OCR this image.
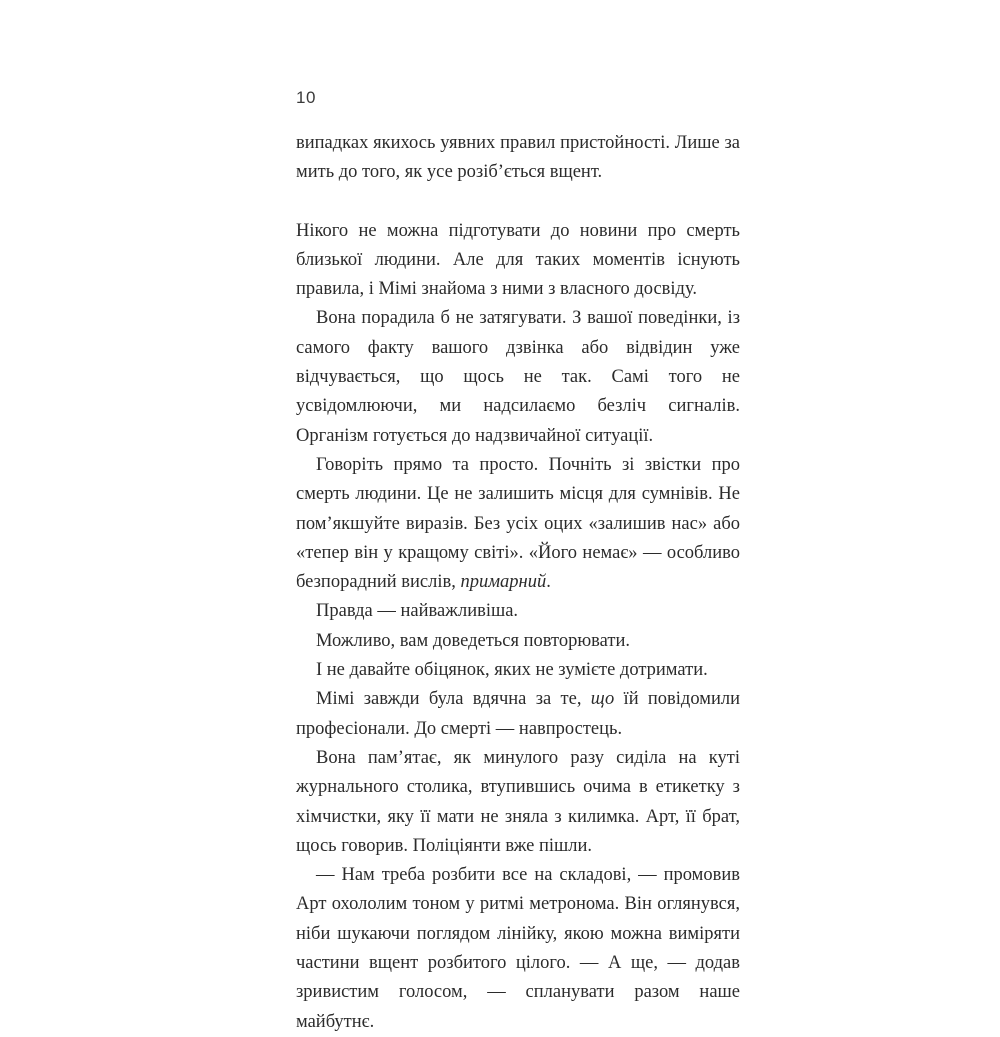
10

випадках якихось уявних правил пристойності. Лише за мить до того, як усе розіб’ється вщент.

Нікого не можна підготувати до новини про смерть близької людини. Але для таких моментів існують правила, і Мімі знайома з ними з власного досвіду.

Вона порадила б не затягувати. З вашої поведінки, із самого факту вашого дзвінка або відвідин уже відчувається, що щось не так. Самі того не усвідомлюючи, ми надсилаємо безліч сигналів. Організм готується до надзвичайної ситуації.

Говоріть прямо та просто. Почніть зі звістки про смерть людини. Це не залишить місця для сумнівів. Не пом’якшуйте виразів. Без усіх оцих «залишив нас» або «тепер він у кращому світі». «Його немає» — особливо безпорадний вислів, примарний.

Правда — найважливіша.

Можливо, вам доведеться повторювати.

І не давайте обіцянок, яких не зумієте дотримати.

Мімі завжди була вдячна за те, що їй повідомили професіонали. До смерті — навпростець.

Вона пам’ятає, як минулого разу сиділа на куті журнального столика, втупившись очима в етикетку з хімчистки, яку її мати не зняла з килимка. Арт, її брат, щось говорив. Поліціянти вже пішли.

— Нам треба розбити все на складові, — промовив Арт охололим тоном у ритмі метронома. Він оглянувся, ніби шукаючи поглядом лінійку, якою можна виміряти частини вщент розбитого цілого. — А ще, — додав зривистим голосом, — спланувати разом наше майбутнє.
